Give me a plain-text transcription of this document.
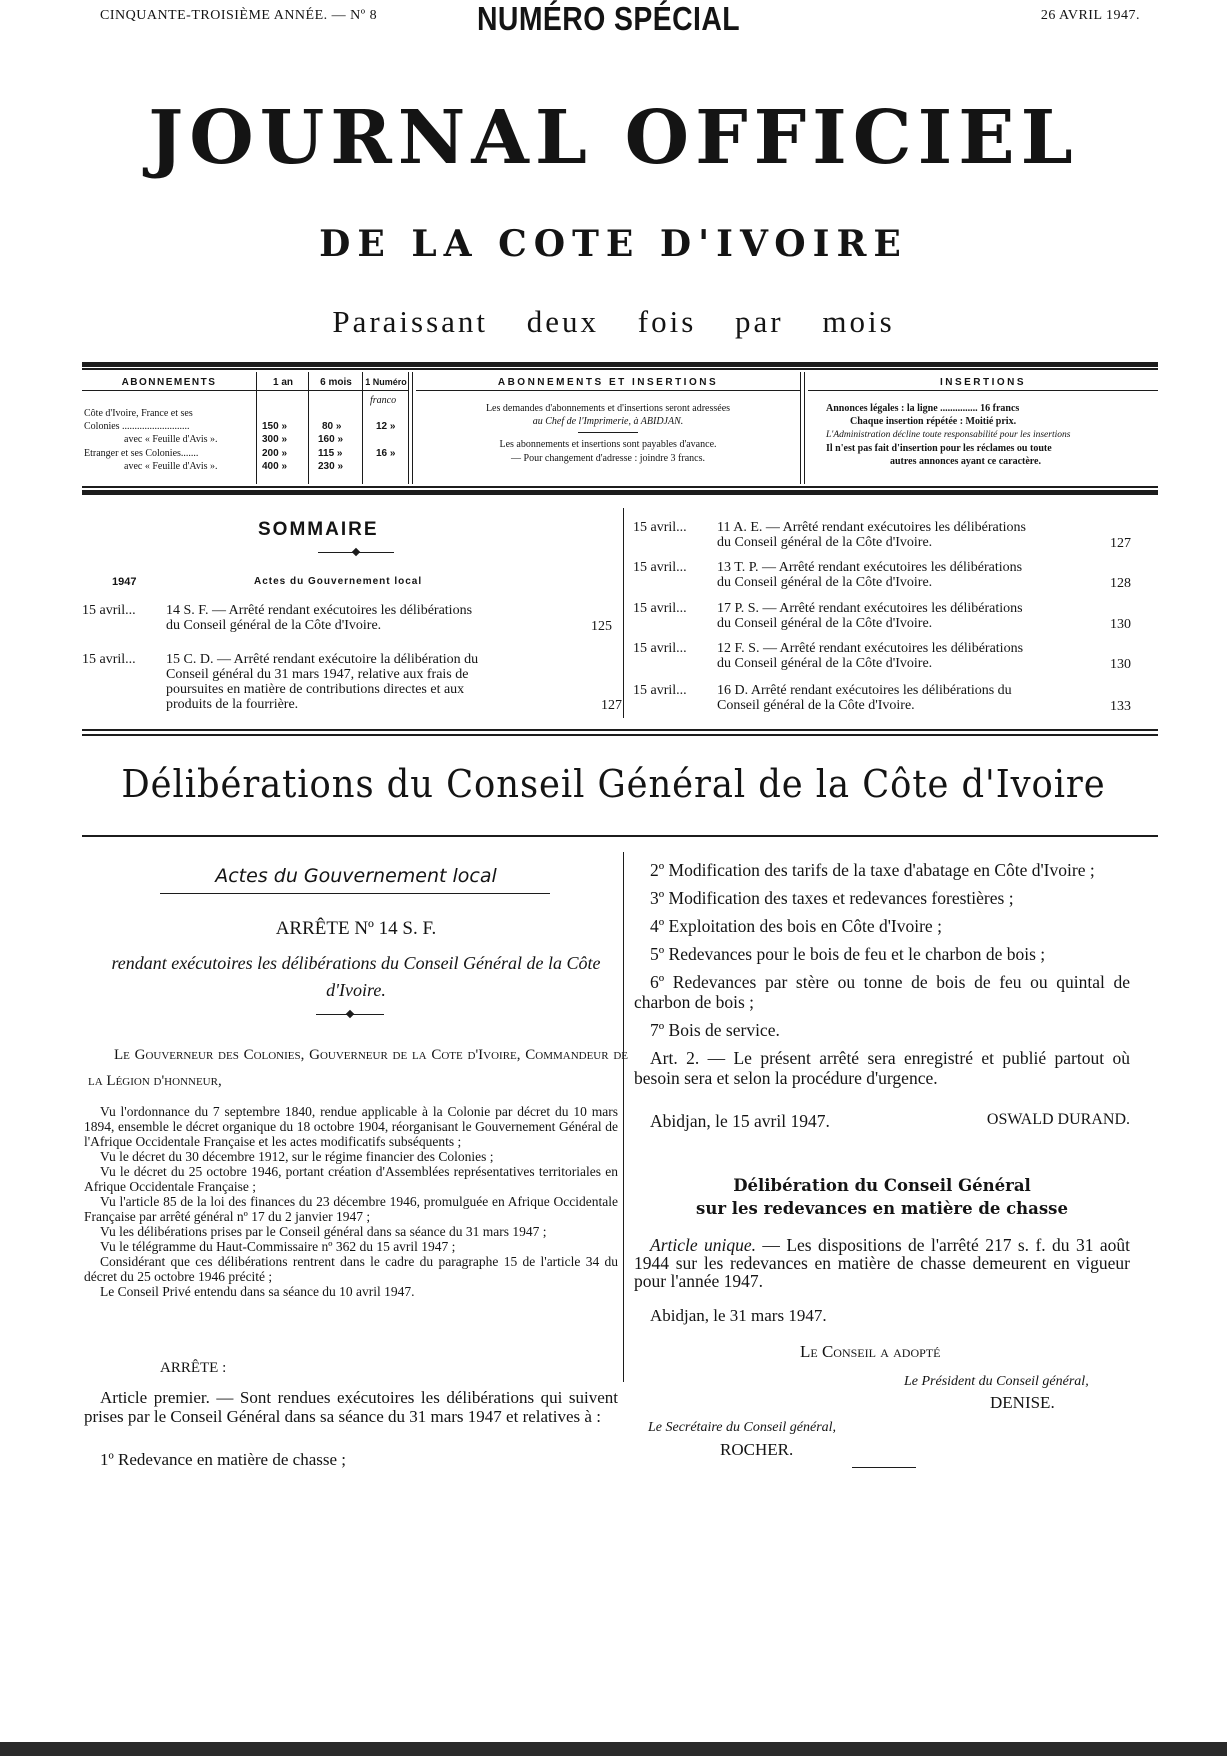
CINQUANTE-TROISIÈME ANNÉE. — Nº 8	NUMÉRO SPÉCIAL	26 AVRIL 1947.
JOURNAL OFFICIEL
DE LA COTE D'IVOIRE
Paraissant deux fois par mois
ABONNEMENTS	1 an	6 mois	1 Numéro
franco
Côte d'Ivoire, France et ses
Colonies ...........................	150 »	80 »	12 »
avec « Feuille d'Avis ».	300 »	160 »
Etranger et ses Colonies.......	200 »	115 »	16 »
avec « Feuille d'Avis ».	400 »	230 »
ABONNEMENTS ET INSERTIONS
Les demandes d'abonnements et d'insertions seront adressées
au Chef de l'Imprimerie, à ABIDJAN.
Les abonnements et insertions sont payables d'avance.
— Pour changement d'adresse : joindre 3 francs.
INSERTIONS
Annonces légales : la ligne ............... 16 francs
Chaque insertion répétée : Moitié prix.
L'Administration décline toute responsabilité pour les insertions
Il n'est pas fait d'insertion pour les réclames ou toute
autres annonces ayant ce caractère.
SOMMAIRE
1947	Actes du Gouvernement local
15 avril... 14 S. F. — Arrêté rendant exécutoires les délibérations
du Conseil général de la Côte d'Ivoire.	125
15 avril... 15 C. D. — Arrêté rendant exécutoire la délibération du
Conseil général du 31 mars 1947, relative aux frais de
poursuites en matière de contributions directes et aux
produits de la fourrière.	127
15 avril... 11 A. E. — Arrêté rendant exécutoires les délibérations
du Conseil général de la Côte d'Ivoire.	127
15 avril... 13 T. P. — Arrêté rendant exécutoires les délibérations
du Conseil général de la Côte d'Ivoire.	128
15 avril... 17 P. S. — Arrêté rendant exécutoires les délibérations
du Conseil général de la Côte d'Ivoire.	130
15 avril... 12 F. S. — Arrêté rendant exécutoires les délibérations
du Conseil général de la Côte d'Ivoire.	130
15 avril... 16 D. Arrêté rendant exécutoires les délibérations du
Conseil général de la Côte d'Ivoire.	133
Délibérations du Conseil Général de la Côte d'Ivoire
Actes du Gouvernement local
ARRÊTE Nº 14 S. F.
rendant exécutoires les délibérations du Conseil Général de la Côte d'Ivoire.
Le Gouverneur des Colonies, Gouverneur de la Cote d'Ivoire, Commandeur de la Légion d'honneur,

Vu l'ordonnance du 7 septembre 1840, rendue applicable à la Colonie par décret du 10 mars 1894, ensemble le décret organique du 18 octobre 1904, réorganisant le Gouvernement Général de l'Afrique Occidentale Française et les actes modificatifs subséquents ;

Vu le décret du 30 décembre 1912, sur le régime financier des Colonies ;

Vu le décret du 25 octobre 1946, portant création d'Assemblées représentatives territoriales en Afrique Occidentale Française ;

Vu l'article 85 de la loi des finances du 23 décembre 1946, promulguée en Afrique Occidentale Française par arrêté général nº 17 du 2 janvier 1947 ;

Vu les délibérations prises par le Conseil général dans sa séance du 31 mars 1947 ;

Vu le télégramme du Haut-Commissaire nº 362 du 15 avril 1947 ;

Considérant que ces délibérations rentrent dans le cadre du paragraphe 15 de l'article 34 du décret du 25 octobre 1946 précité ;

Le Conseil Privé entendu dans sa séance du 10 avril 1947.

ARRÊTE :
Article premier. — Sont rendues exécutoires les délibérations qui suivent prises par le Conseil Général dans sa séance du 31 mars 1947 et relatives à :
1º Redevance en matière de chasse ;

2º Modification des tarifs de la taxe d'abatage en Côte d'Ivoire ;

3º Modification des taxes et redevances forestières ;

4º Exploitation des bois en Côte d'Ivoire ;

5º Redevances pour le bois de feu et le charbon de bois ;

6º Redevances par stère ou tonne de bois de feu ou quintal de charbon de bois ;

7º Bois de service.

Art. 2. — Le présent arrêté sera enregistré et publié partout où besoin sera et selon la procédure d'urgence.

Abidjan, le 15 avril 1947.	OSWALD DURAND.
Délibération du Conseil Général
sur les redevances en matière de chasse
Article unique. — Les dispositions de l'arrêté 217 s. f. du 31 août 1944 sur les redevances en matière de chasse demeurent en vigueur pour l'année 1947.
Abidjan, le 31 mars 1947.
Le Conseil a adopté
Le Président du Conseil général,
DENISE.
Le Secrétaire du Conseil général,
ROCHER.
